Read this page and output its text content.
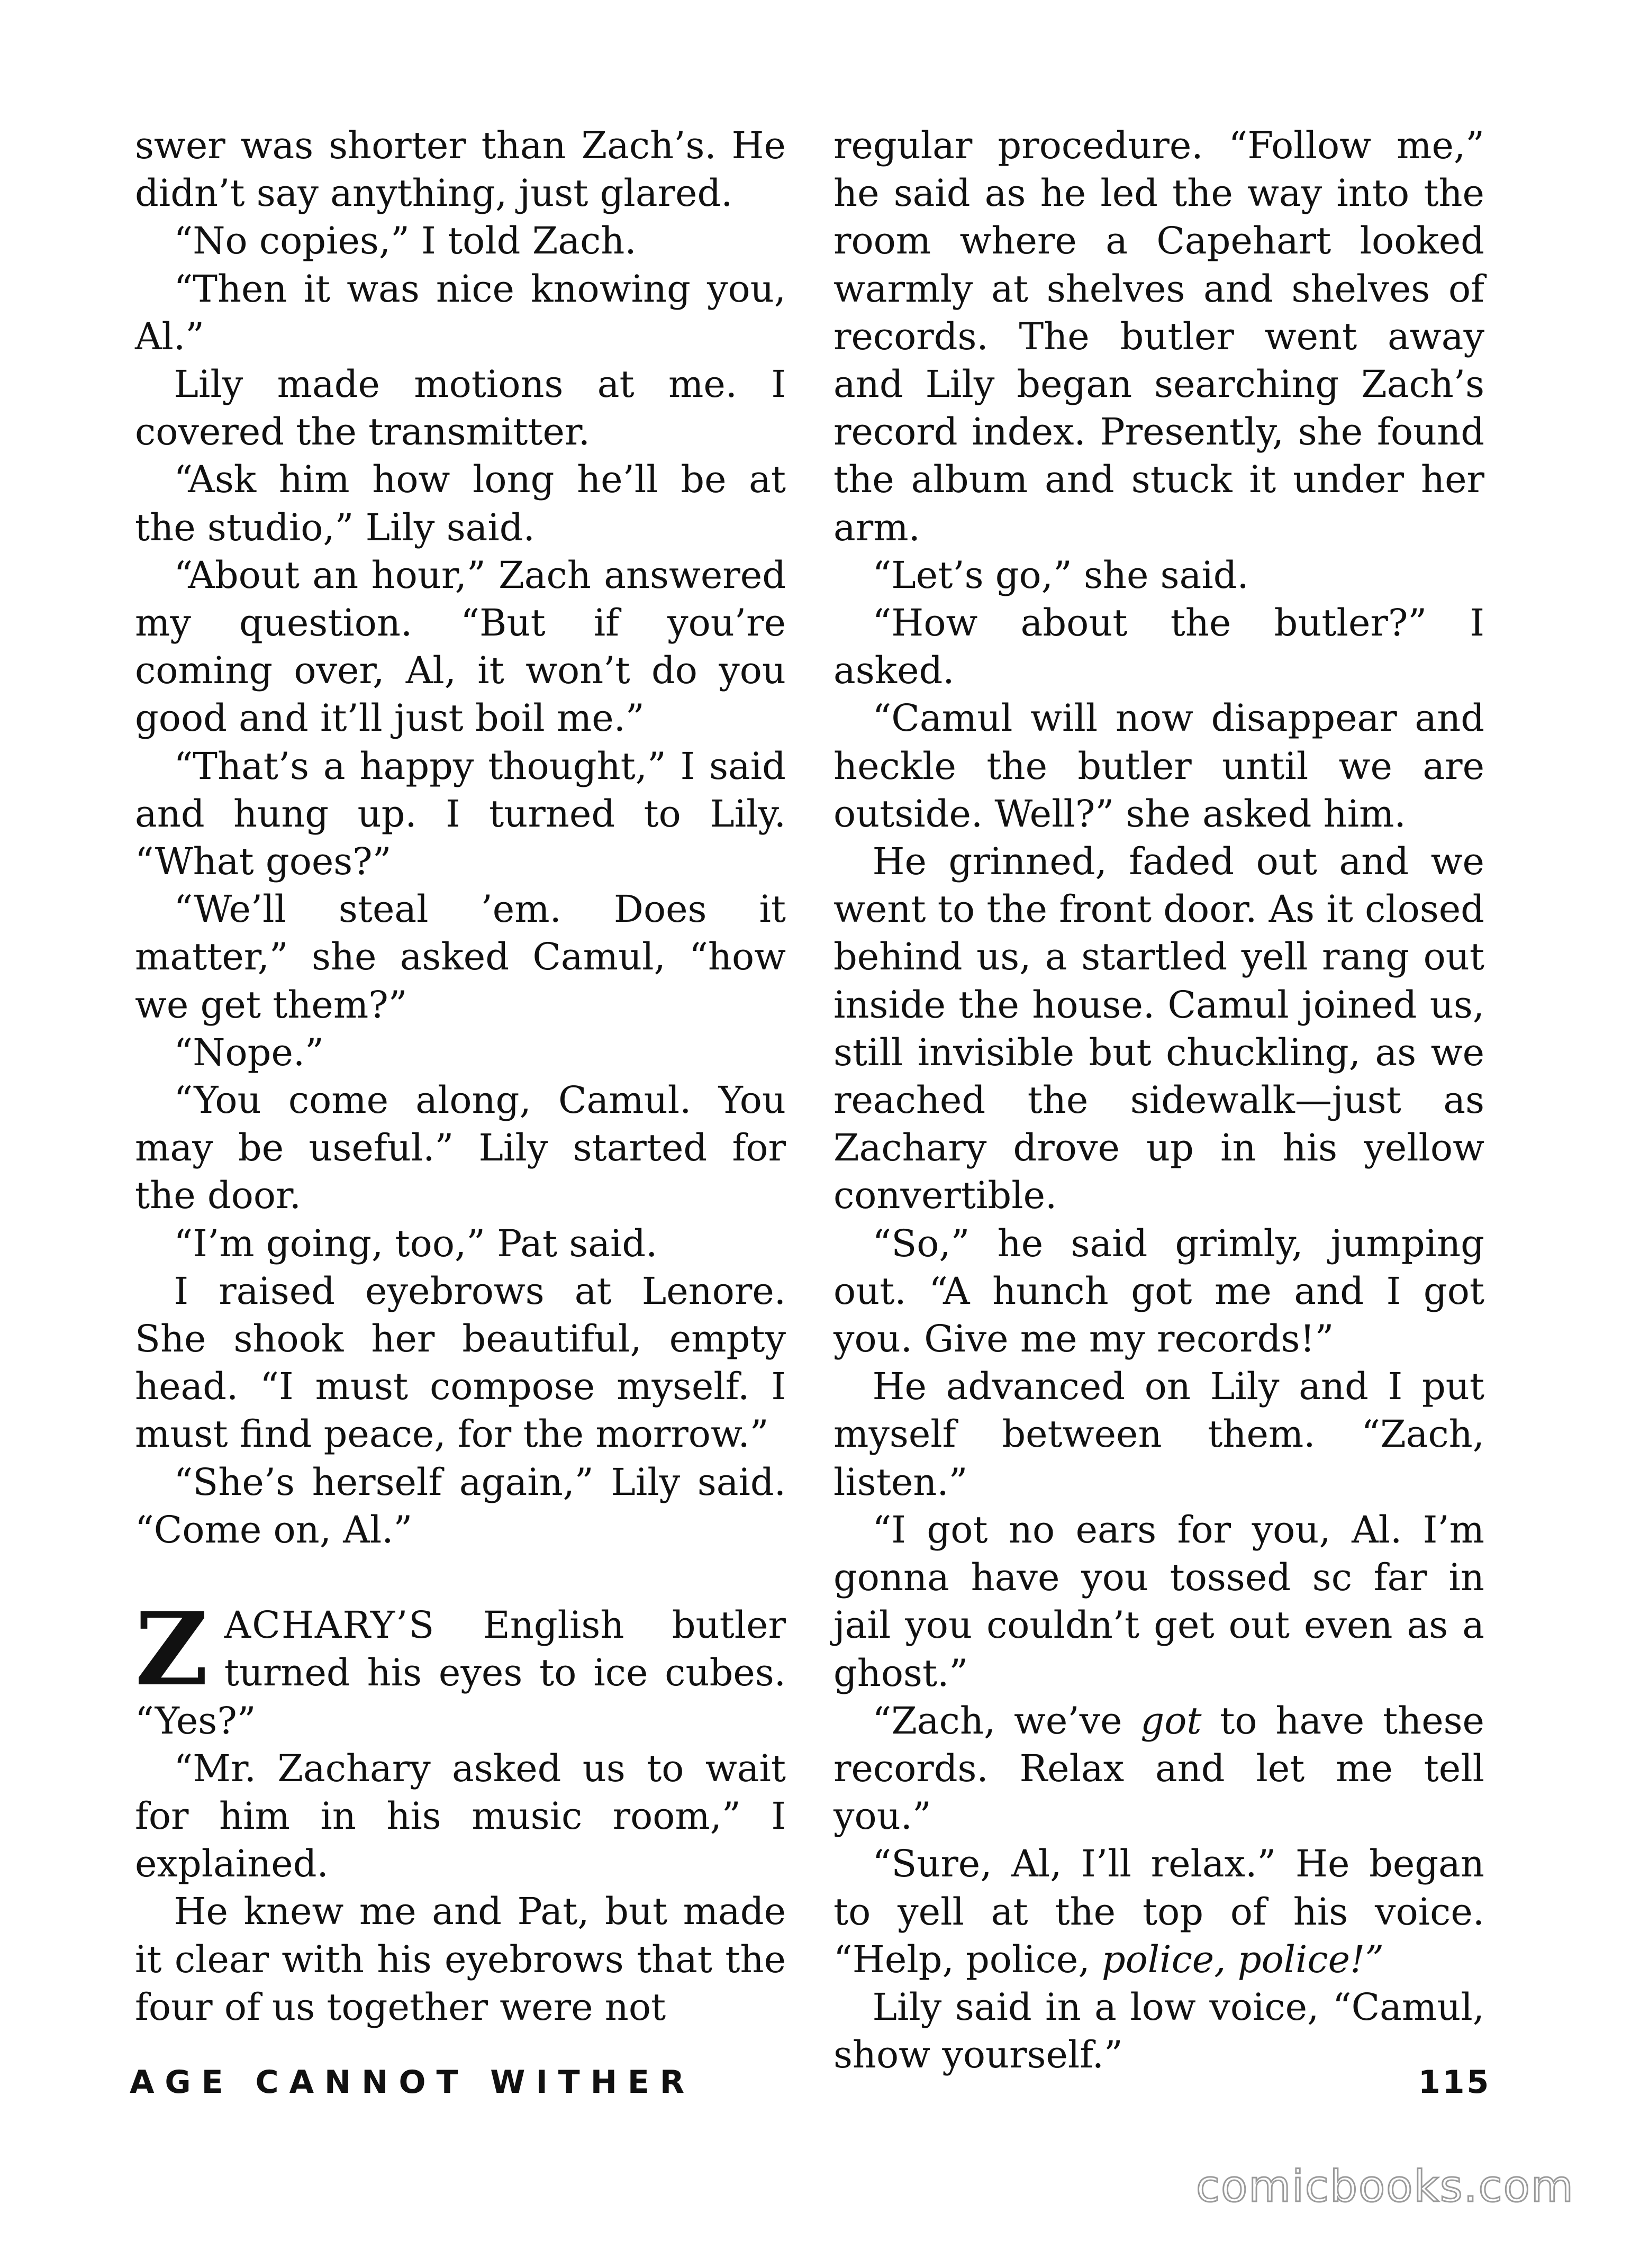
swer was shorter than Zach’s. He didn’t say anything, just glared.

“No copies,” I told Zach.

“Then it was nice knowing you, Al.”

Lily made motions at me. I covered the transmitter.

“Ask him how long he’ll be at the studio,” Lily said.

“About an hour,” Zach answered my question. “But if you’re coming over, Al, it won’t do you good and it’ll just boil me.”

“That’s a happy thought,” I said and hung up. I turned to Lily. “What goes?”

“We’ll steal ’em. Does it matter,” she asked Camul, “how we get them?”

“Nope.”

“You come along, Camul. You may be useful.” Lily started for the door.

“I’m going, too,” Pat said.

I raised eyebrows at Lenore. She shook her beautiful, empty head. “I must compose myself. I must find peace, for the morrow.”

“She’s herself again,” Lily said. “Come on, Al.”

ZACHARY’S English butler turned his eyes to ice cubes. “Yes?”

“Mr. Zachary asked us to wait for him in his music room,” I explained.

He knew me and Pat, but made it clear with his eyebrows that the four of us together were not

regular procedure. “Follow me,” he said as he led the way into the room where a Capehart looked warmly at shelves and shelves of records. The butler went away and Lily began searching Zach’s record index. Presently, she found the album and stuck it under her arm.

“Let’s go,” she said.

“How about the butler?” I asked.

“Camul will now disappear and heckle the butler until we are outside. Well?” she asked him.

He grinned, faded out and we went to the front door. As it closed behind us, a startled yell rang out inside the house. Camul joined us, still invisible but chuckling, as we reached the sidewalk—just as Zachary drove up in his yellow convertible.

“So,” he said grimly, jumping out. “A hunch got me and I got you. Give me my records!”

He advanced on Lily and I put myself between them. “Zach, listen.”

“I got no ears for you, Al. I’m gonna have you tossed sc far in jail you couldn’t get out even as a ghost.”

“Zach, we’ve got to have these records. Relax and let me tell you.”

“Sure, Al, I’ll relax.” He began to yell at the top of his voice. “Help, police, police, police!”

Lily said in a low voice, “Camul, show yourself.”

AGE CANNOT WITHER	115
comicbooks.com
